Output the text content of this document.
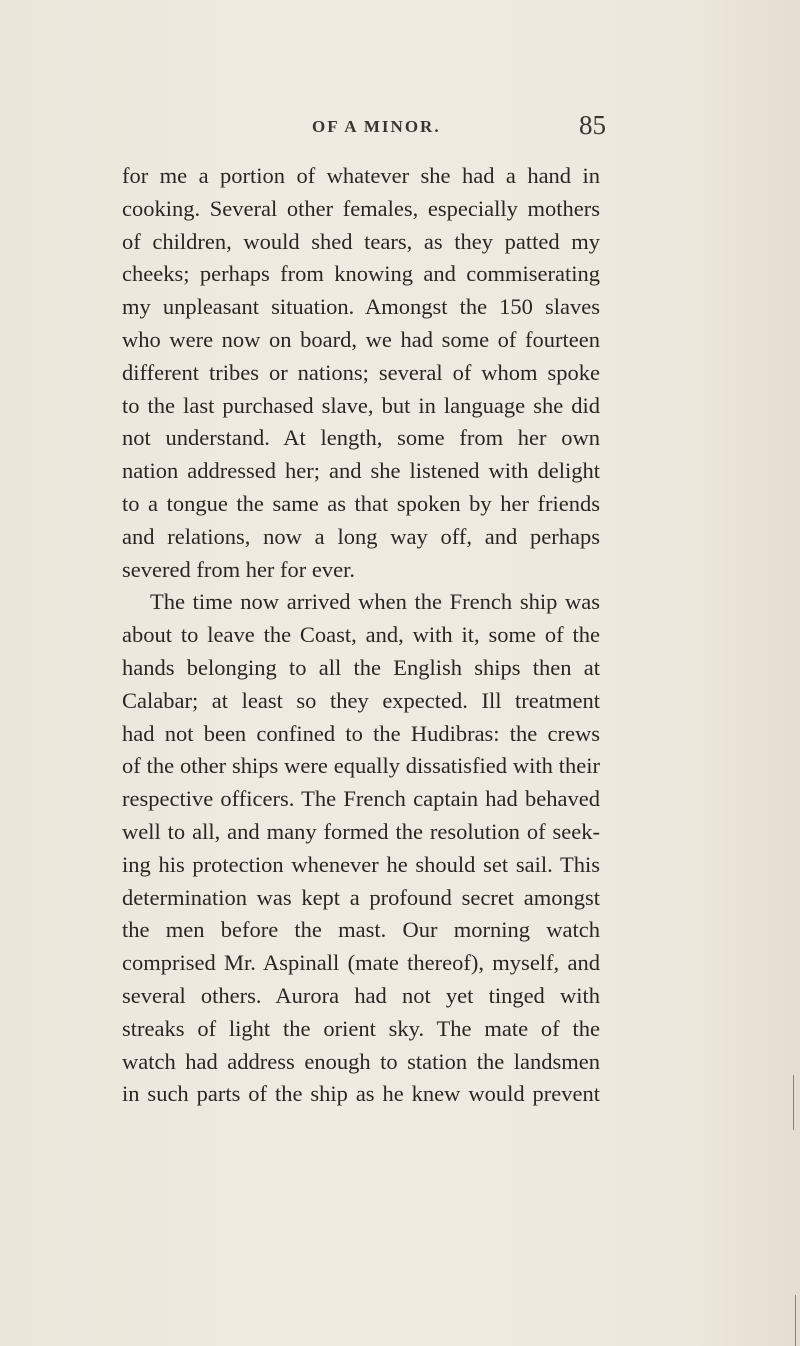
OF A MINOR.	85
for me a portion of whatever she had a hand in
cooking. Several other females, especially mothers
of children, would shed tears, as they patted my
cheeks; perhaps from knowing and commiserating
my unpleasant situation. Amongst the 150 slaves
who were now on board, we had some of fourteen
different tribes or nations; several of whom spoke
to the last purchased slave, but in language she did
not understand. At length, some from her own
nation addressed her; and she listened with delight
to a tongue the same as that spoken by her friends
and relations, now a long way off, and perhaps
severed from her for ever.
The time now arrived when the French ship was
about to leave the Coast, and, with it, some of the
hands belonging to all the English ships then at
Calabar; at least so they expected. Ill treatment
had not been confined to the Hudibras: the crews
of the other ships were equally dissatisfied with their
respective officers. The French captain had behaved
well to all, and many formed the resolution of seek-
ing his protection whenever he should set sail. This
determination was kept a profound secret amongst
the men before the mast. Our morning watch
comprised Mr. Aspinall (mate thereof), myself, and
several others. Aurora had not yet tinged with
streaks of light the orient sky. The mate of the
watch had address enough to station the landsmen
in such parts of the ship as he knew would prevent
